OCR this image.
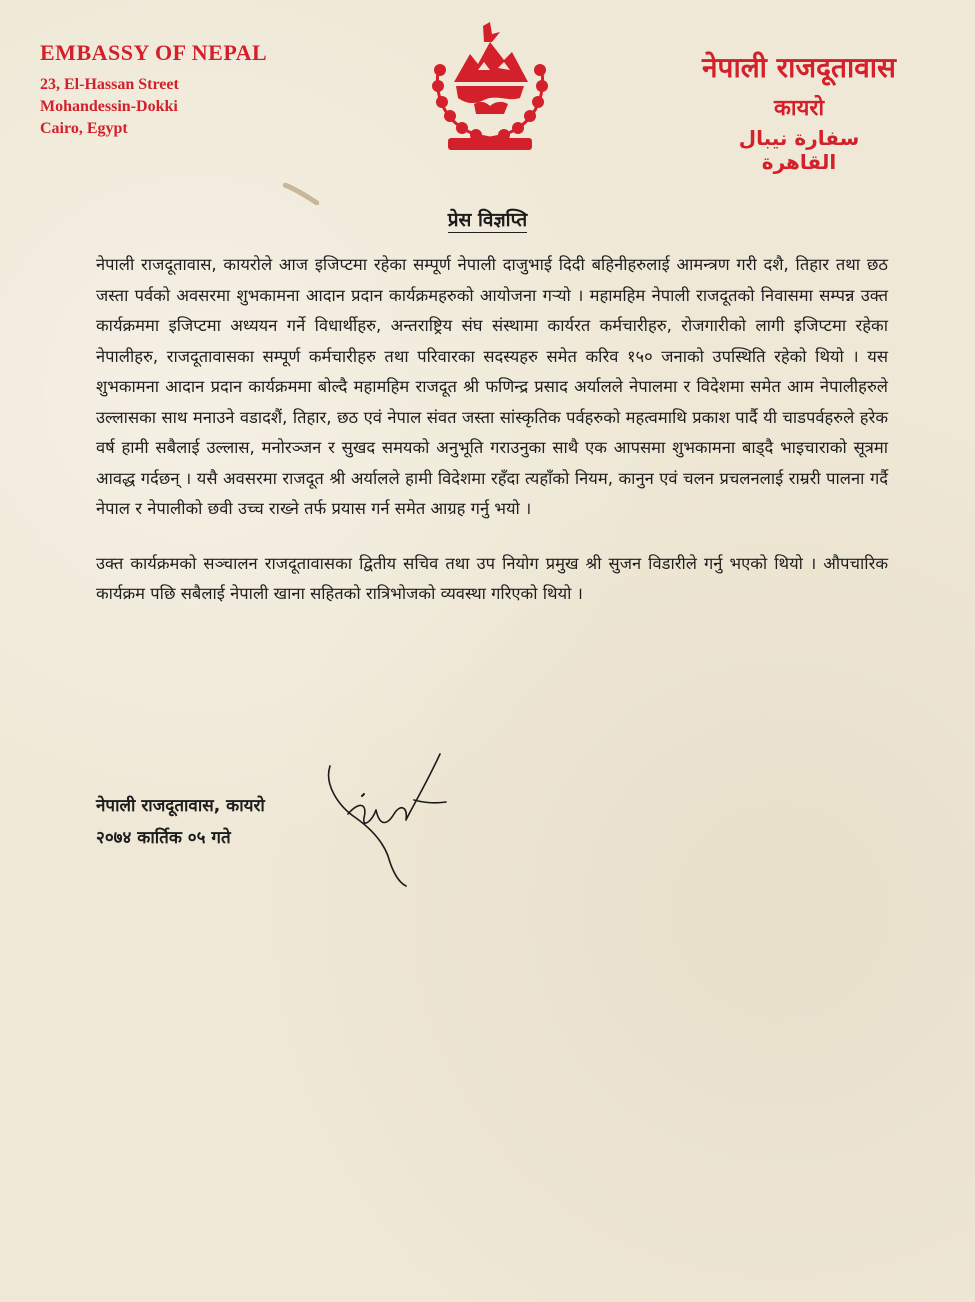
EMBASSY OF NEPAL
23, El-Hassan Street
Mohandessin-Dokki
Cairo, Egypt
नेपाली राजदूतावास
कायरो
سفارة نيبال
القاهرة
प्रेस विज्ञप्ति

नेपाली राजदूतावास, कायरोले आज इजिप्टमा रहेका सम्पूर्ण नेपाली दाजुभाई दिदी बहिनीहरुलाई आमन्त्रण गरी दशै, तिहार तथा छठ जस्ता पर्वको अवसरमा शुभकामना आदान प्रदान कार्यक्रमहरुको आयोजना गऱ्यो । महामहिम नेपाली राजदूतको निवासमा सम्पन्न उक्त कार्यक्रममा इजिप्टमा अध्ययन गर्ने विधार्थीहरु, अन्तराष्ट्रिय संघ संस्थामा कार्यरत कर्मचारीहरु, रोजगारीको लागी इजिप्टमा रहेका नेपालीहरु, राजदूतावासका सम्पूर्ण कर्मचारीहरु तथा परिवारका सदस्यहरु समेत करिव १५० जनाको उपस्थिति रहेको थियो । यस शुभकामना आदान प्रदान कार्यक्रममा बोल्दै महामहिम राजदूत श्री फणिन्द्र प्रसाद अर्यालले नेपालमा र विदेशमा समेत आम नेपालीहरुले उल्लासका साथ मनाउने वडादशैं, तिहार, छठ एवं नेपाल संवत जस्ता सांस्कृतिक पर्वहरुको महत्वमाथि प्रकाश पार्दै यी चाडपर्वहरुले हरेक वर्ष हामी सबैलाई उल्लास, मनोरञ्जन र सुखद समयको अनुभूति गराउनुका साथै एक आपसमा शुभकामना बाड्दै भाइचाराको सूत्रमा आवद्ध गर्दछन् । यसै अवसरमा राजदूत श्री अर्यालले हामी विदेशमा रहँदा त्यहाँको नियम, कानुन एवं चलन प्रचलनलाई राम्ररी पालना गर्दै नेपाल र नेपालीको छवी उच्च राख्ने तर्फ प्रयास गर्न समेत आग्रह गर्नु भयो ।

उक्त कार्यक्रमको सञ्चालन राजदूतावासका द्वितीय सचिव तथा उप नियोग प्रमुख श्री सुजन विडारीले गर्नु भएको थियो । औपचारिक कार्यक्रम पछि सबैलाई नेपाली खाना सहितको रात्रिभोजको व्यवस्था गरिएको थियो ।

नेपाली राजदूतावास, कायरो
२०७४ कार्तिक ०५ गते
